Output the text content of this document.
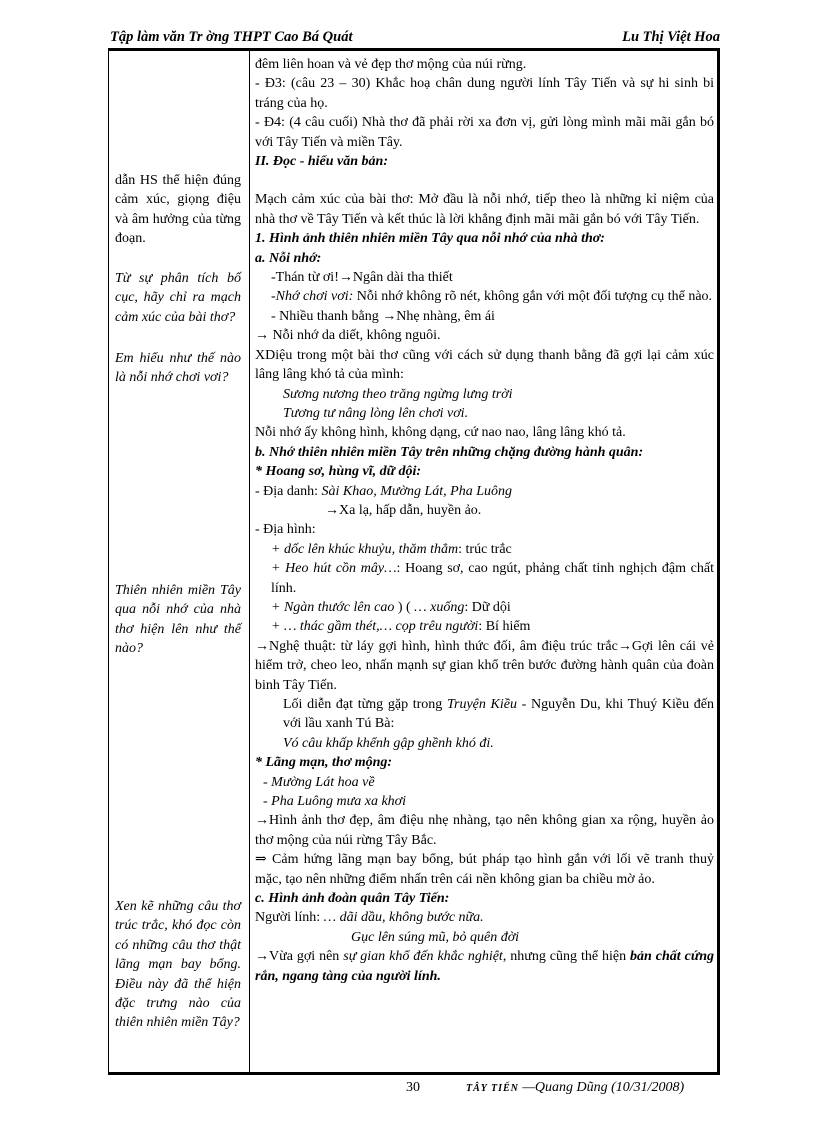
Tập làm văn Tr ờng THPT Cao Bá Quát	Lu Thị Việt Hoa
dẫn HS thể hiện đúng cảm xúc, giọng điệu và âm hưởng của từng đoạn.
Từ sự phân tích bố cục, hãy chỉ ra mạch cảm xúc của bài thơ?
Em hiểu như thế nào là nỗi nhớ chơi vơi?
Thiên nhiên miền Tây qua nỗi nhớ của nhà thơ hiện lên như thế nào?
Xen kẽ những câu thơ trúc trắc, khó đọc còn có những câu thơ thật lãng mạn bay bổng. Điều này đã thể hiện đặc trưng nào của thiên nhiên miền Tây?

đêm liên hoan và vẻ đẹp thơ mộng của núi rừng.

- Đ3: (câu 23 – 30) Khắc hoạ chân dung người lính Tây Tiến và sự hi sinh bi tráng của họ.

- Đ4: (4 câu cuối) Nhà thơ đã phải rời xa đơn vị, gửi lòng mình mãi mãi gắn bó với Tây Tiến và miền Tây.

II. Đọc - hiểu văn bản:

Mạch cảm xúc của bài thơ: Mở đầu là nỗi nhớ, tiếp theo là những kỉ niệm của nhà thơ về Tây Tiến và kết thúc là lời khẳng định mãi mãi gắn bó với Tây Tiến.

1. Hình ảnh thiên nhiên miền Tây qua nỗi nhớ của nhà thơ:

a. Nỗi nhớ:

-Thán từ ơi!→Ngân dài tha thiết

-Nhớ chơi vơi: Nỗi nhớ không rõ nét, không gắn với một đối tượng cụ thể nào.

- Nhiều thanh bằng →Nhẹ nhàng, êm ái

→ Nỗi nhớ da diết, không nguôi.

XDiệu trong một bài thơ cũng với cách sử dụng thanh bằng đã gợi lại cảm xúc lâng lâng khó tả của mình:

Sương nương theo trăng ngừng lưng trời

Tương tư nâng lòng lên chơi vơi.

Nỗi nhớ ấy không hình, không dạng, cứ nao nao, lâng lâng khó tả.

b. Nhớ thiên nhiên miền Tây trên những chặng đường hành quân:

* Hoang sơ, hùng vĩ, dữ dội:

- Địa danh: Sài Khao, Mường Lát, Pha Luông

→Xa lạ, hấp dẫn, huyền ảo.

- Địa hình:

+ dốc lên khúc khuỷu, thăm thẳm: trúc trắc

+ Heo hút cồn mây…: Hoang sơ, cao ngút, phảng chất tinh nghịch đậm chất lính.

+ Ngàn thước lên cao ) ( … xuống: Dữ dội

+ … thác gầm thét,… cọp trêu người: Bí hiểm

→Nghệ thuật: từ láy gợi hình, hình thức đối, âm điệu trúc trắc→Gợi lên cái vẻ hiểm trở, cheo leo, nhấn mạnh sự gian khổ trên bước đường hành quân của đoàn binh Tây Tiến.

Lối diễn đạt từng gặp trong Truyện Kiều - Nguyễn Du, khi Thuý Kiều đến với lầu xanh Tú Bà:

Vó câu khấp khểnh gập ghềnh khó đi.

* Lãng mạn, thơ mộng:

- Mường Lát hoa về

- Pha Luông mưa xa khơi

→Hình ảnh thơ đẹp, âm điệu nhẹ nhàng, tạo nên không gian xa rộng, huyền ảo thơ mộng của núi rừng Tây Bắc.

⇒ Cảm hứng lãng mạn bay bổng, bút pháp tạo hình gắn với lối vẽ tranh thuỷ mặc, tạo nên những điểm nhấn trên cái nền không gian ba chiều mờ ảo.

c. Hình ảnh đoàn quân Tây Tiến:

Người lính: … dãi dầu, không bước nữa.

Gục lên súng mũ, bỏ quên đời

→Vừa gợi nên sự gian khổ đến khắc nghiệt, nhưng cũng thể hiện bản chất cứng rắn, ngang tàng của người lính.

30	TÂY TIẾN —Quang Dũng (10/31/2008)
